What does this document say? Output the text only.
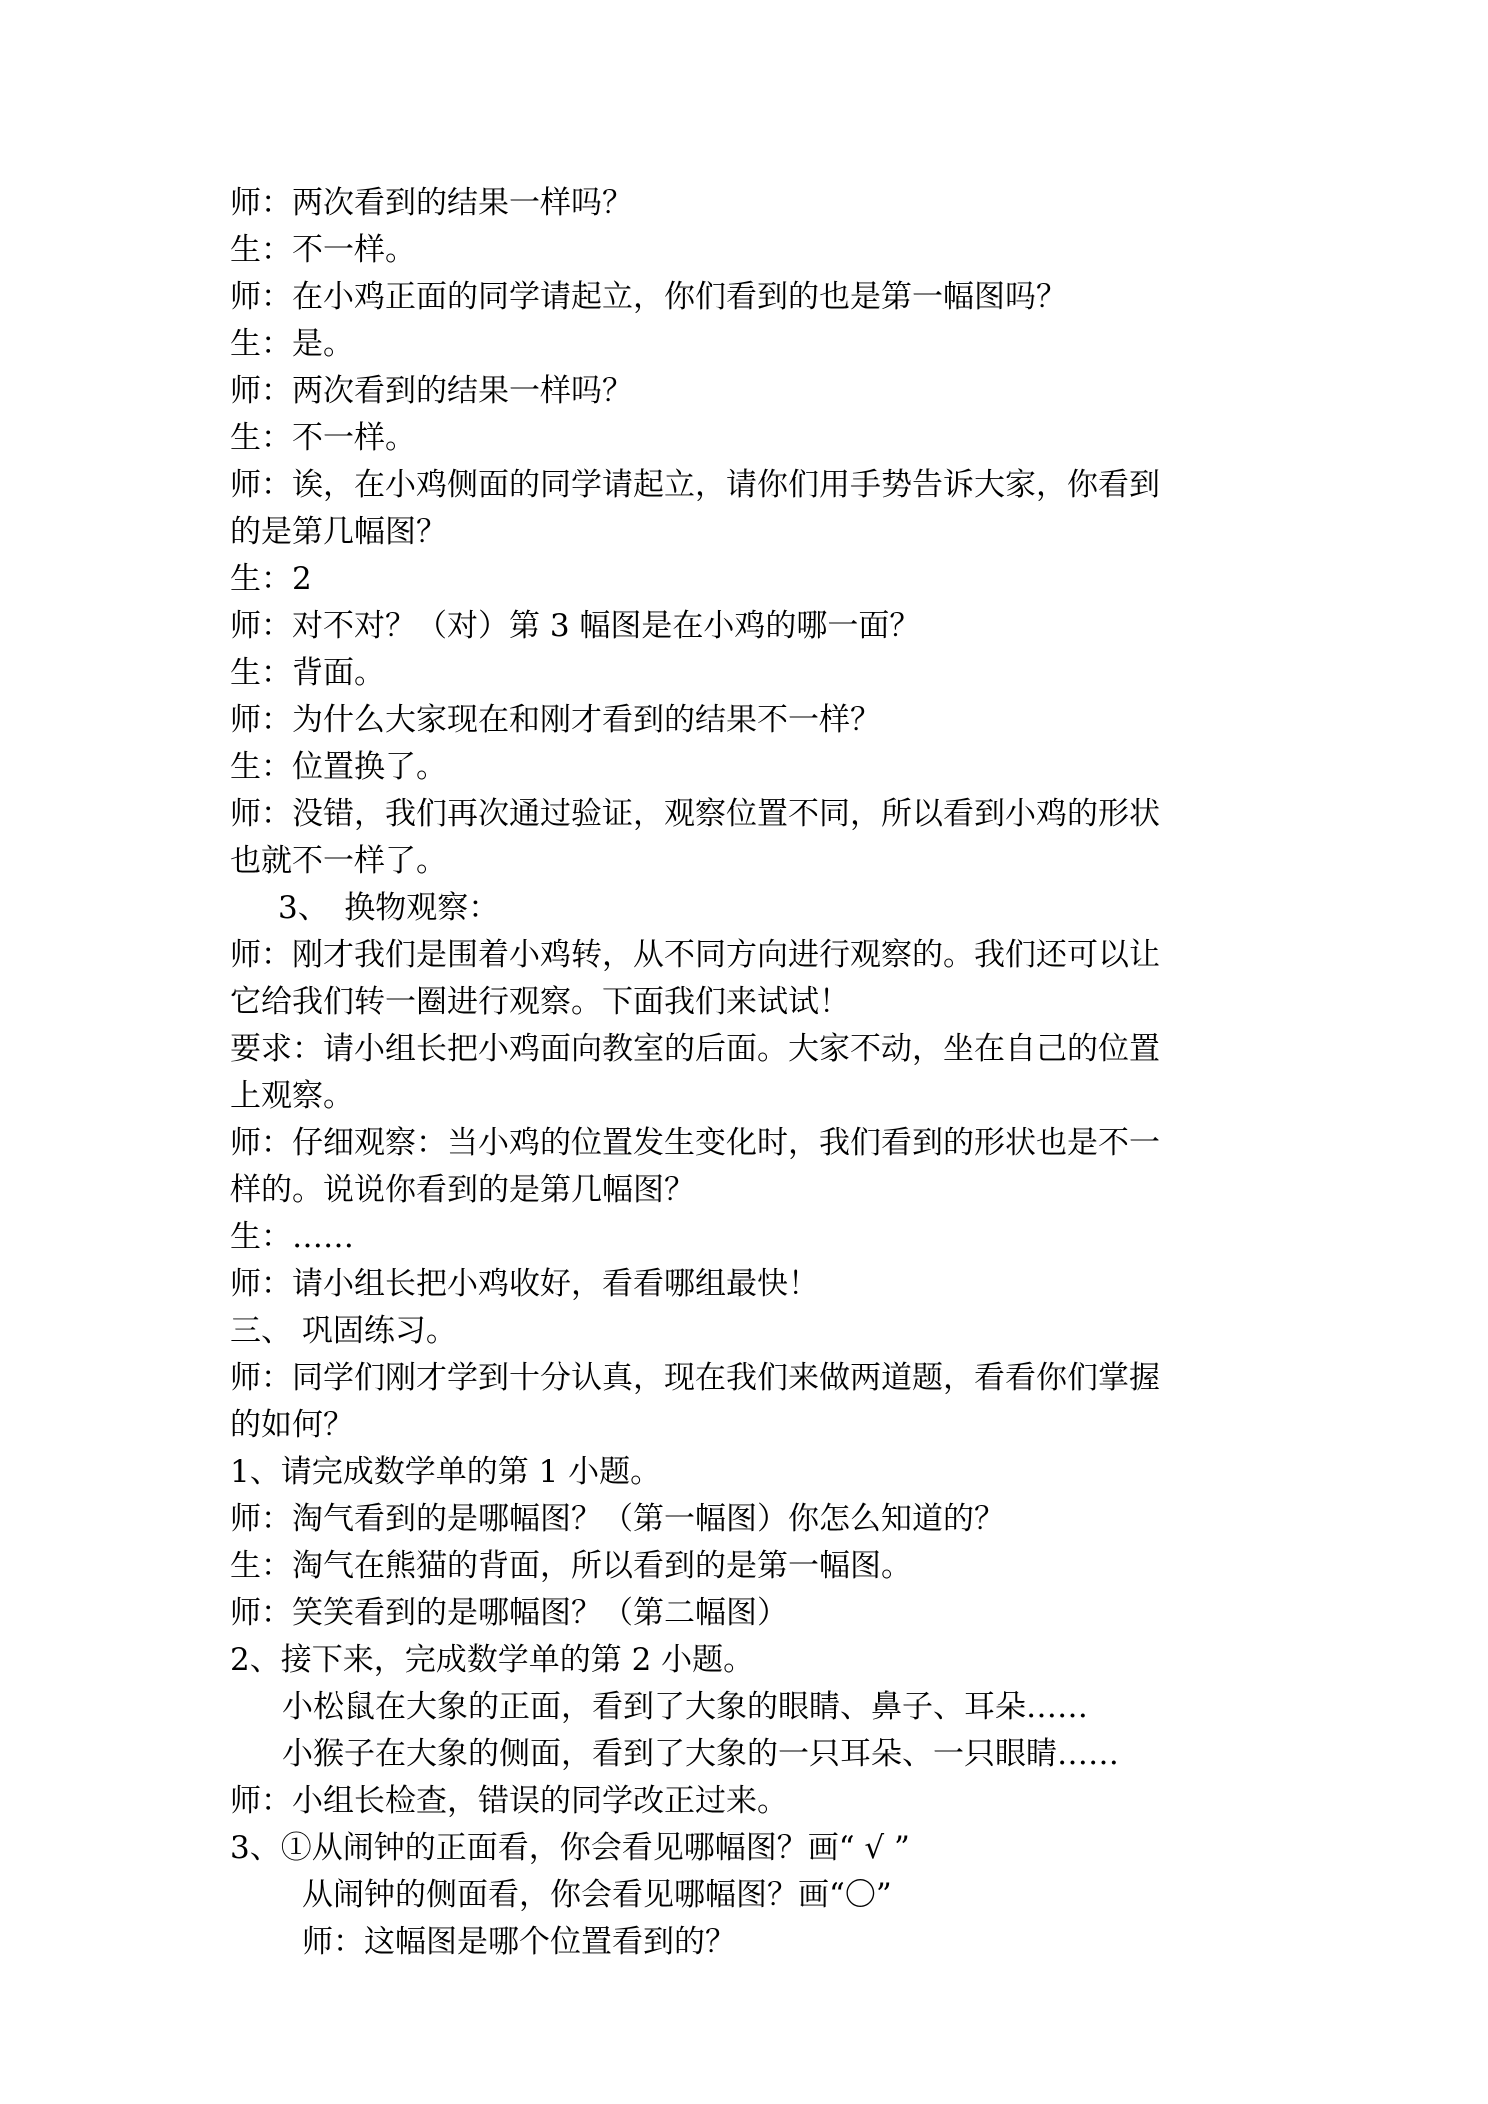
师：两次看到的结果一样吗？

生：不一样。

师：在小鸡正面的同学请起立，你们看到的也是第一幅图吗？

生：是。

师：两次看到的结果一样吗？

生：不一样。

师：诶，在小鸡侧面的同学请起立，请你们用手势告诉大家，你看到

的是第几幅图？

生：2

师：对不对？（对）第 3 幅图是在小鸡的哪一面？

生：背面。

师：为什么大家现在和刚才看到的结果不一样？

生：位置换了。

师：没错，我们再次通过验证，观察位置不同，所以看到小鸡的形状

也就不一样了。

3、　换物观察：

师：刚才我们是围着小鸡转，从不同方向进行观察的。我们还可以让

它给我们转一圈进行观察。下面我们来试试！

要求：请小组长把小鸡面向教室的后面。大家不动，坐在自己的位置

上观察。

师：仔细观察：当小鸡的位置发生变化时，我们看到的形状也是不一

样的。说说你看到的是第几幅图？

生：……

师：请小组长把小鸡收好，看看哪组最快！

三、 巩固练习。

师：同学们刚才学到十分认真，现在我们来做两道题，看看你们掌握

的如何？

1、请完成数学单的第 1 小题。

师：淘气看到的是哪幅图？（第一幅图）你怎么知道的？

生：淘气在熊猫的背面，所以看到的是第一幅图。

师：笑笑看到的是哪幅图？（第二幅图）

2、接下来，完成数学单的第 2 小题。

小松鼠在大象的正面，看到了大象的眼睛、鼻子、耳朵……

小猴子在大象的侧面，看到了大象的一只耳朵、一只眼睛……

师：小组长检查，错误的同学改正过来。

3、①从闹钟的正面看，你会看见哪幅图？画“ √ ”

从闹钟的侧面看，你会看见哪幅图？画“〇”

师：这幅图是哪个位置看到的？
